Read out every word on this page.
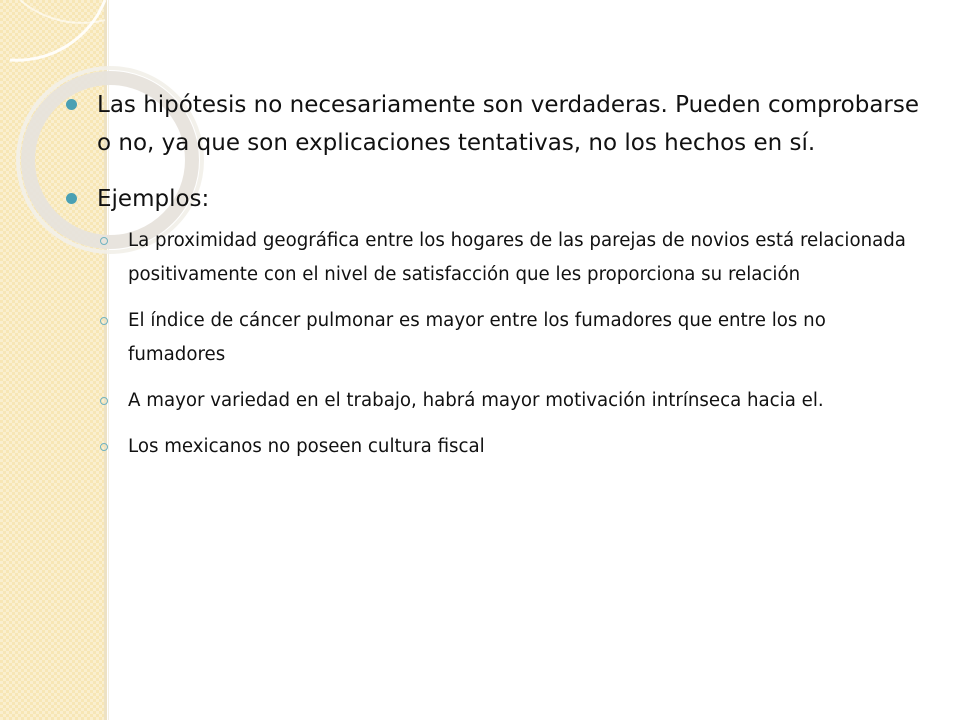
Las hipótesis no necesariamente son verdaderas. Pueden comprobarse o no, ya que son explicaciones tentativas, no los hechos en sí.
Ejemplos:
La proximidad geográfica entre los hogares de las parejas de novios está relacionada positivamente con el nivel de satisfacción que les proporciona su relación
El índice de cáncer pulmonar es mayor entre los fumadores que entre los no fumadores
A mayor variedad en el trabajo, habrá mayor motivación intrínseca hacia el.
Los mexicanos no poseen cultura fiscal
